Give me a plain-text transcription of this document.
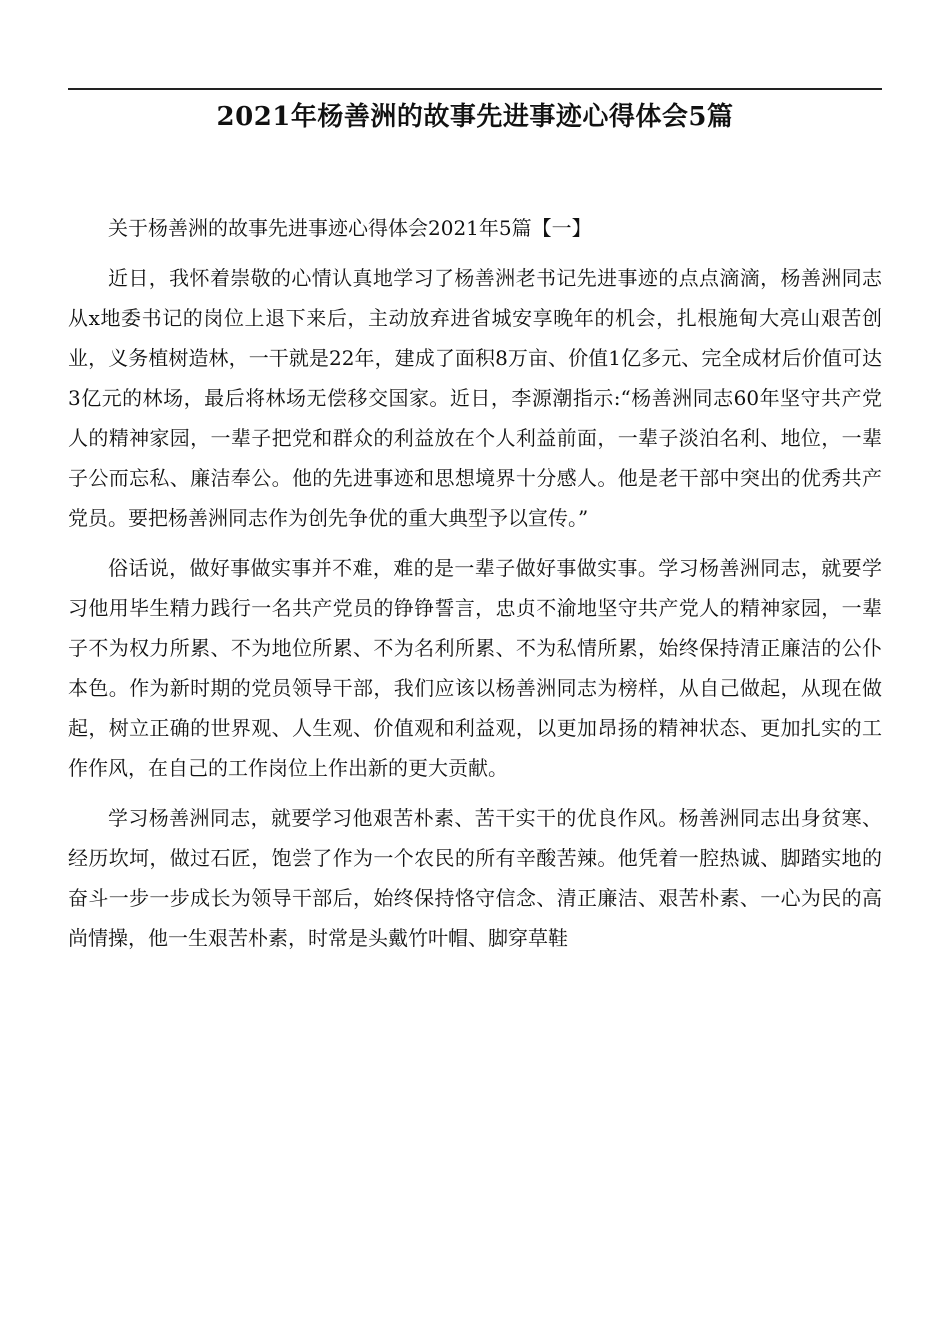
2021年杨善洲的故事先进事迹心得体会5篇

关于杨善洲的故事先进事迹心得体会2021年5篇【一】

近日，我怀着崇敬的心情认真地学习了杨善洲老书记先进事迹的点点滴滴，杨善洲同志从x地委书记的岗位上退下来后，主动放弃进省城安享晚年的机会，扎根施甸大亮山艰苦创业，义务植树造林，一干就是22年，建成了面积8万亩、价值1亿多元、完全成材后价值可达3亿元的林场，最后将林场无偿移交国家。近日，李源潮指示:“杨善洲同志60年坚守共产党人的精神家园，一辈子把党和群众的利益放在个人利益前面，一辈子淡泊名利、地位，一辈子公而忘私、廉洁奉公。他的先进事迹和思想境界十分感人。他是老干部中突出的优秀共产党员。要把杨善洲同志作为创先争优的重大典型予以宣传。”

俗话说，做好事做实事并不难，难的是一辈子做好事做实事。学习杨善洲同志，就要学习他用毕生精力践行一名共产党员的铮铮誓言，忠贞不渝地坚守共产党人的精神家园，一辈子不为权力所累、不为地位所累、不为名利所累、不为私情所累，始终保持清正廉洁的公仆本色。作为新时期的党员领导干部，我们应该以杨善洲同志为榜样，从自己做起，从现在做起，树立正确的世界观、人生观、价值观和利益观，以更加昂扬的精神状态、更加扎实的工作作风，在自己的工作岗位上作出新的更大贡献。

学习杨善洲同志，就要学习他艰苦朴素、苦干实干的优良作风。杨善洲同志出身贫寒、经历坎坷，做过石匠，饱尝了作为一个农民的所有辛酸苦辣。他凭着一腔热诚、脚踏实地的奋斗一步一步成长为领导干部后，始终保持恪守信念、清正廉洁、艰苦朴素、一心为民的高尚情操，他一生艰苦朴素，时常是头戴竹叶帽、脚穿草鞋
